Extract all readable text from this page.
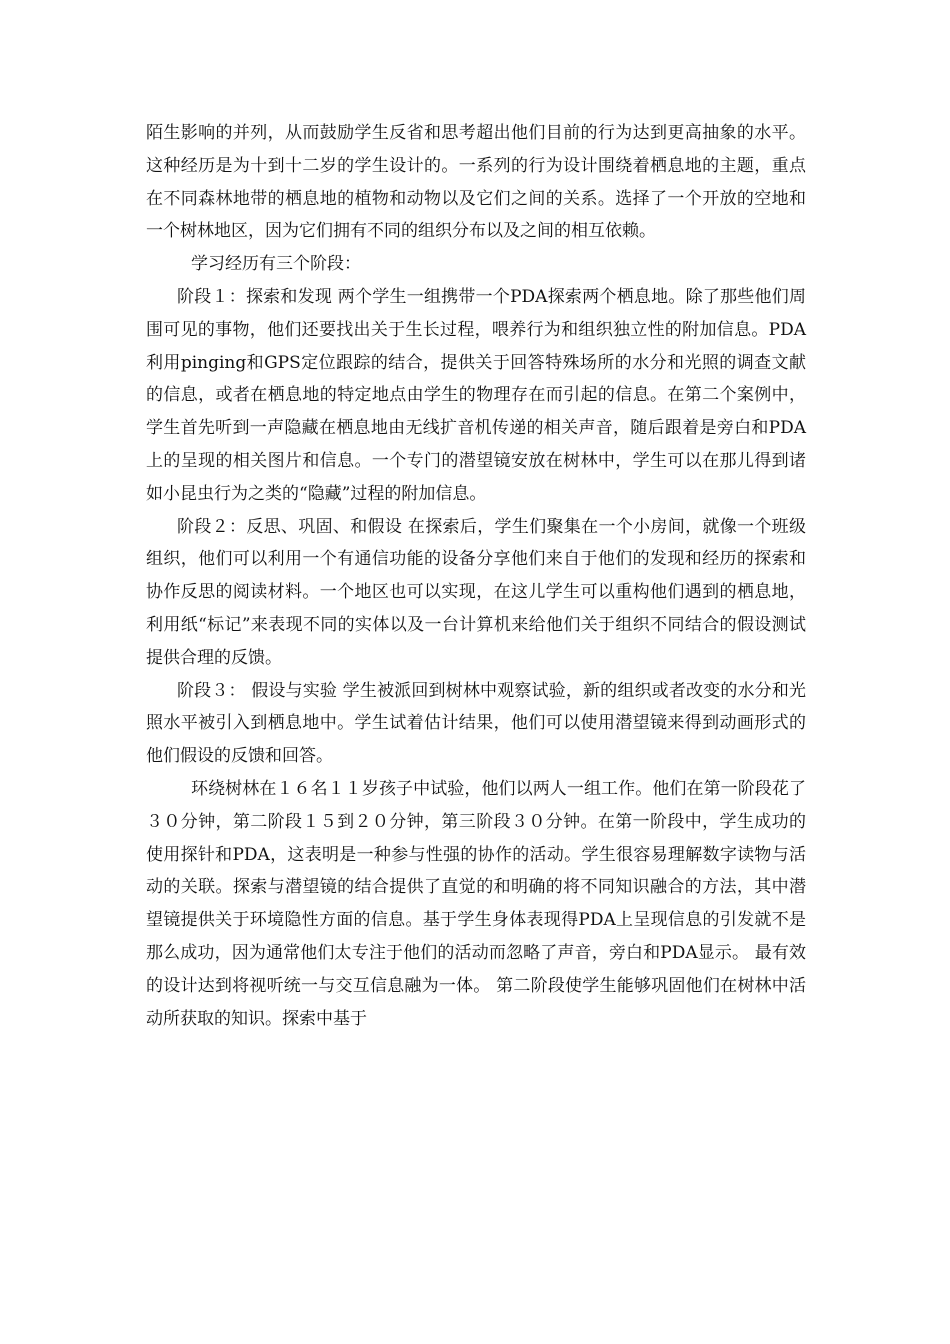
陌生影响的并列，从而鼓励学生反省和思考超出他们目前的行为达到更高抽象的水平。 这种经历是为十到十二岁的学生设计的。一系列的行为设计围绕着栖息地的主题，重点在不同森林地带的栖息地的植物和动物以及它们之间的关系。选择了一个开放的空地和一个树林地区，因为它们拥有不同的组织分布以及之间的相互依赖。

学习经历有三个阶段：

阶段１：探索和发现 两个学生一组携带一个PDA探索两个栖息地。除了那些他们周围可见的事物，他们还要找出关于生长过程，喂养行为和组织独立性的附加信息。PDA利用pinging和GPS定位跟踪的结合，提供关于回答特殊场所的水分和光照的调查文献的信息，或者在栖息地的特定地点由学生的物理存在而引起的信息。在第二个案例中，学生首先听到一声隐藏在栖息地由无线扩音机传递的相关声音，随后跟着是旁白和PDA上的呈现的相关图片和信息。一个专门的潜望镜安放在树林中，学生可以在那儿得到诸如小昆虫行为之类的“隐藏”过程的附加信息。

阶段２：反思、巩固、和假设 在探索后，学生们聚集在一个小房间，就像一个班级组织，他们可以利用一个有通信功能的设备分享他们来自于他们的发现和经历的探索和协作反思的阅读材料。一个地区也可以实现，在这儿学生可以重构他们遇到的栖息地，利用纸“标记”来表现不同的实体以及一台计算机来给他们关于组织不同结合的假设测试提供合理的反馈。

阶段３： 假设与实验 学生被派回到树林中观察试验，新的组织或者改变的水分和光照水平被引入到栖息地中。学生试着估计结果，他们可以使用潜望镜来得到动画形式的他们假设的反馈和回答。

环绕树林在１６名１１岁孩子中试验，他们以两人一组工作。他们在第一阶段花了３０分钟，第二阶段１５到２０分钟，第三阶段３０分钟。在第一阶段中，学生成功的使用探针和PDA，这表明是一种参与性强的协作的活动。学生很容易理解数字读物与活动的关联。探索与潜望镜的结合提供了直觉的和明确的将不同知识融合的方法，其中潜望镜提供关于环境隐性方面的信息。基于学生身体表现得PDA上呈现信息的引发就不是那么成功，因为通常他们太专注于他们的活动而忽略了声音，旁白和PDA显示。 最有效的设计达到将视听统一与交互信息融为一体。 第二阶段使学生能够巩固他们在树林中活动所获取的知识。探索中基于
